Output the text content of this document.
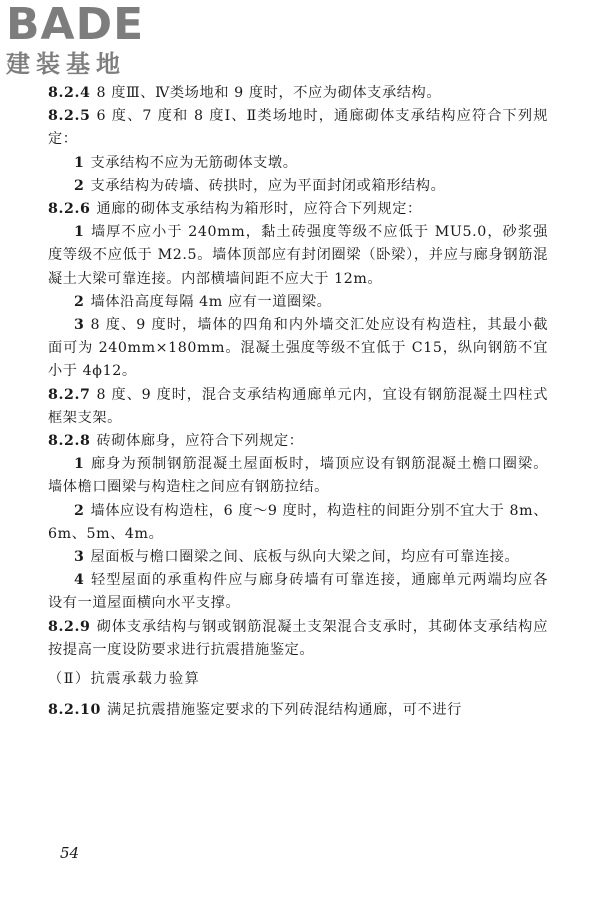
BADE
建装基地

8.2.4 8 度Ⅲ、Ⅳ类场地和 9 度时，不应为砌体支承结构。

8.2.5 6 度、7 度和 8 度Ⅰ、Ⅱ类场地时，通廊砌体支承结构应符合下列规定：

1 支承结构不应为无筋砌体支墩。

2 支承结构为砖墙、砖拱时，应为平面封闭或箱形结构。

8.2.6 通廊的砌体支承结构为箱形时，应符合下列规定：

1 墙厚不应小于 240mm，黏土砖强度等级不应低于 MU5.0，砂浆强度等级不应低于 M2.5。墙体顶部应有封闭圈梁（卧梁），并应与廊身钢筋混凝土大梁可靠连接。内部横墙间距不应大于 12m。

2 墙体沿高度每隔 4m 应有一道圈梁。

3 8 度、9 度时，墙体的四角和内外墙交汇处应设有构造柱，其最小截面可为 240mm×180mm。混凝土强度等级不宜低于 C15，纵向钢筋不宜小于 4ϕ12。

8.2.7 8 度、9 度时，混合支承结构通廊单元内，宜设有钢筋混凝土四柱式框架支架。

8.2.8 砖砌体廊身，应符合下列规定：

1 廊身为预制钢筋混凝土屋面板时，墙顶应设有钢筋混凝土檐口圈梁。墙体檐口圈梁与构造柱之间应有钢筋拉结。

2 墙体应设有构造柱，6 度～9 度时，构造柱的间距分别不宜大于 8m、6m、5m、4m。

3 屋面板与檐口圈梁之间、底板与纵向大梁之间，均应有可靠连接。

4 轻型屋面的承重构件应与廊身砖墙有可靠连接，通廊单元两端均应各设有一道屋面横向水平支撑。

8.2.9 砌体支承结构与钢或钢筋混凝土支架混合支承时，其砌体支承结构应按提高一度设防要求进行抗震措施鉴定。

（Ⅱ）抗震承载力验算

8.2.10 满足抗震措施鉴定要求的下列砖混结构通廊，可不进行

54
